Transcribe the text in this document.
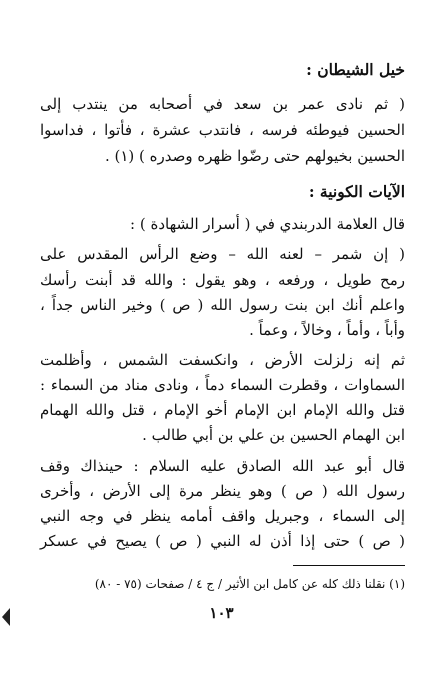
خيل الشيطان :
( ثم نادى عمر بن سعد في أصحابه من ينتدب إلى
الحسين فيوطئه فرسه ، فانتدب عشرة ، فأتوا ، فداسوا
الحسين بخيولهم حتى رضّوا ظهره وصدره ) (١) .
الآيات الكونية :
قال العلامة الدربندي في ( أسرار الشهادة ) :
( إن شمر – لعنه الله – وضع الرأس المقدس على
رمح طويل ، ورفعه ، وهو يقول : والله قد أبنت رأسك
واعلم أنك ابن بنت رسول الله ( ص ) وخير الناس جداً ،
وأباً ، وأماً ، وخالاً ، وعماً .
ثم إنه زلزلت الأرض ، وانكسفت الشمس ، وأظلمت
السماوات ، وقطرت السماء دماً ، ونادى مناد من السماء :
قتل والله الإمام ابن الإمام أخو الإمام ، قتل والله الهمام
ابن الهمام الحسين بن علي بن أبي طالب .
قال أبو عبد الله الصادق عليه السلام : حينذاك وقف
رسول الله ( ص ) وهو ينظر مرة إلى الأرض ، وأخرى
إلى السماء ، وجبريل واقف أمامه ينظر في وجه النبي
( ص ) حتى إذا أذن له النبي ( ص ) يصيح في عسكر
(١) نقلنا ذلك كله عن كامل ابن الأثير / ج ٤ / صفحات (٧٥ - ٨٠)
١٠٣
